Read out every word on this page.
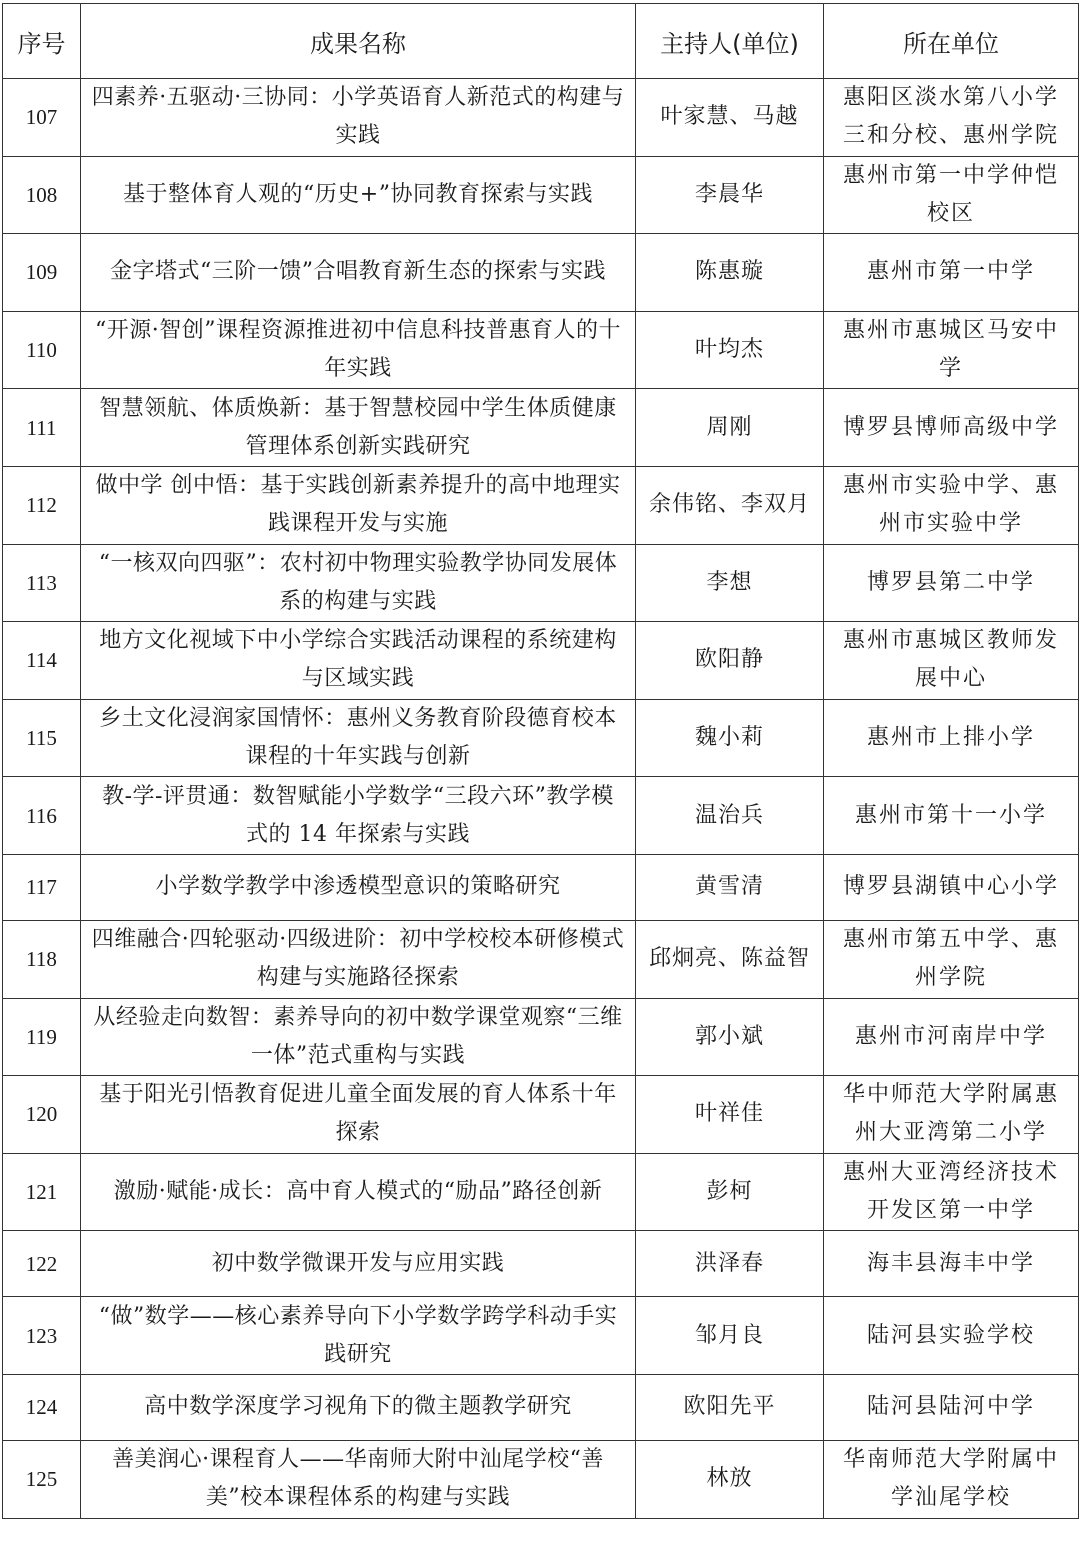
序号	成果名称	主持人(单位)	所在单位
107	四素养·五驱动·三协同：小学英语育人新范式的构建与实践	叶家慧、马越	惠阳区淡水第八小学三和分校、惠州学院
108	基于整体育人观的“历史+”协同教育探索与实践	李晨华	惠州市第一中学仲恺校区
109	金字塔式“三阶一馈”合唱教育新生态的探索与实践	陈惠璇	惠州市第一中学
110	“开源·智创”课程资源推进初中信息科技普惠育人的十年实践	叶均杰	惠州市惠城区马安中学
111	智慧领航、体质焕新：基于智慧校园中学生体质健康管理体系创新实践研究	周刚	博罗县博师高级中学
112	做中学 创中悟：基于实践创新素养提升的高中地理实践课程开发与实施	余伟铭、李双月	惠州市实验中学、惠州市实验中学
113	“一核双向四驱”：农村初中物理实验教学协同发展体系的构建与实践	李想	博罗县第二中学
114	地方文化视域下中小学综合实践活动课程的系统建构与区域实践	欧阳静	惠州市惠城区教师发展中心
115	乡土文化浸润家国情怀：惠州义务教育阶段德育校本课程的十年实践与创新	魏小莉	惠州市上排小学
116	教-学-评贯通：数智赋能小学数学“三段六环”教学模式的 14 年探索与实践	温治兵	惠州市第十一小学
117	小学数学教学中渗透模型意识的策略研究	黄雪清	博罗县湖镇中心小学
118	四维融合·四轮驱动·四级进阶：初中学校校本研修模式构建与实施路径探索	邱炯亮、陈益智	惠州市第五中学、惠州学院
119	从经验走向数智：素养导向的初中数学课堂观察“三维一体”范式重构与实践	郭小斌	惠州市河南岸中学
120	基于阳光引悟教育促进儿童全面发展的育人体系十年探索	叶祥佳	华中师范大学附属惠州大亚湾第二小学
121	激励·赋能·成长：高中育人模式的“励品”路径创新	彭柯	惠州大亚湾经济技术开发区第一中学
122	初中数学微课开发与应用实践	洪泽春	海丰县海丰中学
123	“做”数学——核心素养导向下小学数学跨学科动手实践研究	邹月良	陆河县实验学校
124	高中数学深度学习视角下的微主题教学研究	欧阳先平	陆河县陆河中学
125	善美润心·课程育人——华南师大附中汕尾学校“善美”校本课程体系的构建与实践	林放	华南师范大学附属中学汕尾学校
